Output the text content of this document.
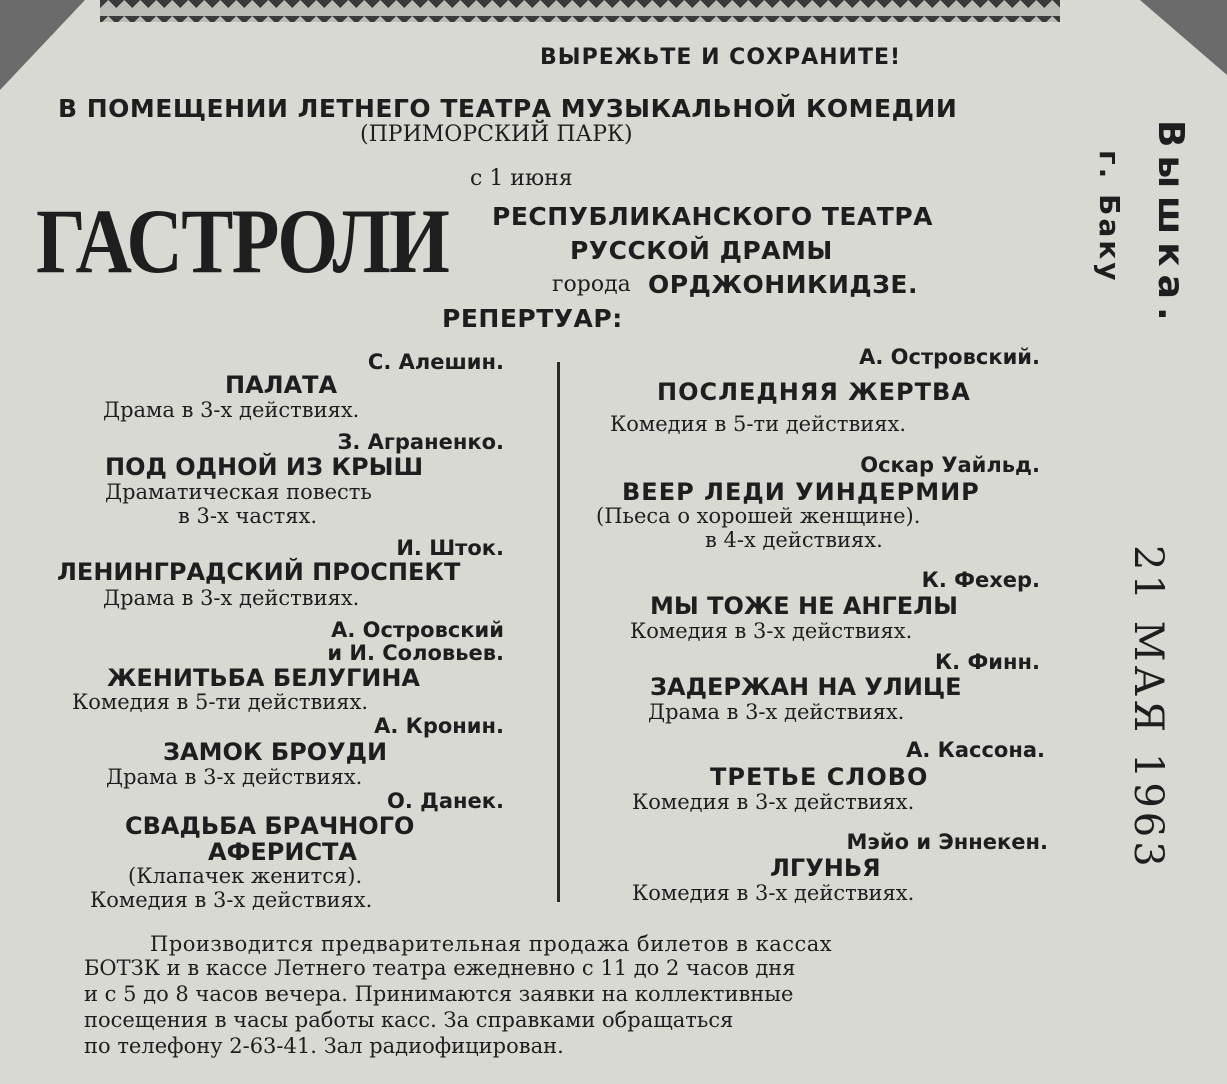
ВЫРЕЖЬТЕ И СОХРАНИТЕ!
В ПОМЕЩЕНИИ ЛЕТНЕГО ТЕАТРА МУЗЫКАЛЬНОЙ КОМЕДИИ
(ПРИМОРСКИЙ ПАРК)
с 1 июня
ГАСТРОЛИ РЕСПУБЛИКАНСКОГО ТЕАТРА
РУССКОЙ ДРАМЫ
города ОРДЖОНИКИДЗЕ.
РЕПЕРТУАР:
С. Алешин.
ПАЛАТА
Драма в 3-х действиях.
З. Аграненко.
ПОД ОДНОЙ ИЗ КРЫШ
Драматическая повесть
в 3-х частях.
И. Шток.
ЛЕНИНГРАДСКИЙ ПРОСПЕКТ
Драма в 3-х действиях.
А. Островский
и И. Соловьев.
ЖЕНИТЬБА БЕЛУГИНА
Комедия в 5-ти действиях.
А. Кронин.
ЗАМОК БРОУДИ
Драма в 3-х действиях.
О. Данек.
СВАДЬБА БРАЧНОГО
АФЕРИСТА
(Клапачек женится).
Комедия в 3-х действиях.
А. Островский.
ПОСЛЕДНЯЯ ЖЕРТВА
Комедия в 5-ти действиях.
Оскар Уайльд.
ВЕЕР ЛЕДИ УИНДЕРМИР
(Пьеса о хорошей женщине).
в 4-х действиях.
К. Фехер.
МЫ ТОЖЕ НЕ АНГЕЛЫ
Комедия в 3-х действиях.
К. Финн.
ЗАДЕРЖАН НА УЛИЦЕ
Драма в 3-х действиях.
А. Кассона.
ТРЕТЬЕ СЛОВО
Комедия в 3-х действиях.
Мэйо и Эннекен.
ЛГУНЬЯ
Комедия в 3-х действиях.
Производится предварительная продажа билетов в кассах
БОТЗК и в кассе Летнего театра ежедневно с 11 до 2 часов дня
и с 5 до 8 часов вечера. Принимаются заявки на коллективные
посещения в часы работы касс. За справками обращаться
по телефону 2-63-41. Зал радиофицирован.
Вышка.
г. Баку
21 МАЯ 1963
